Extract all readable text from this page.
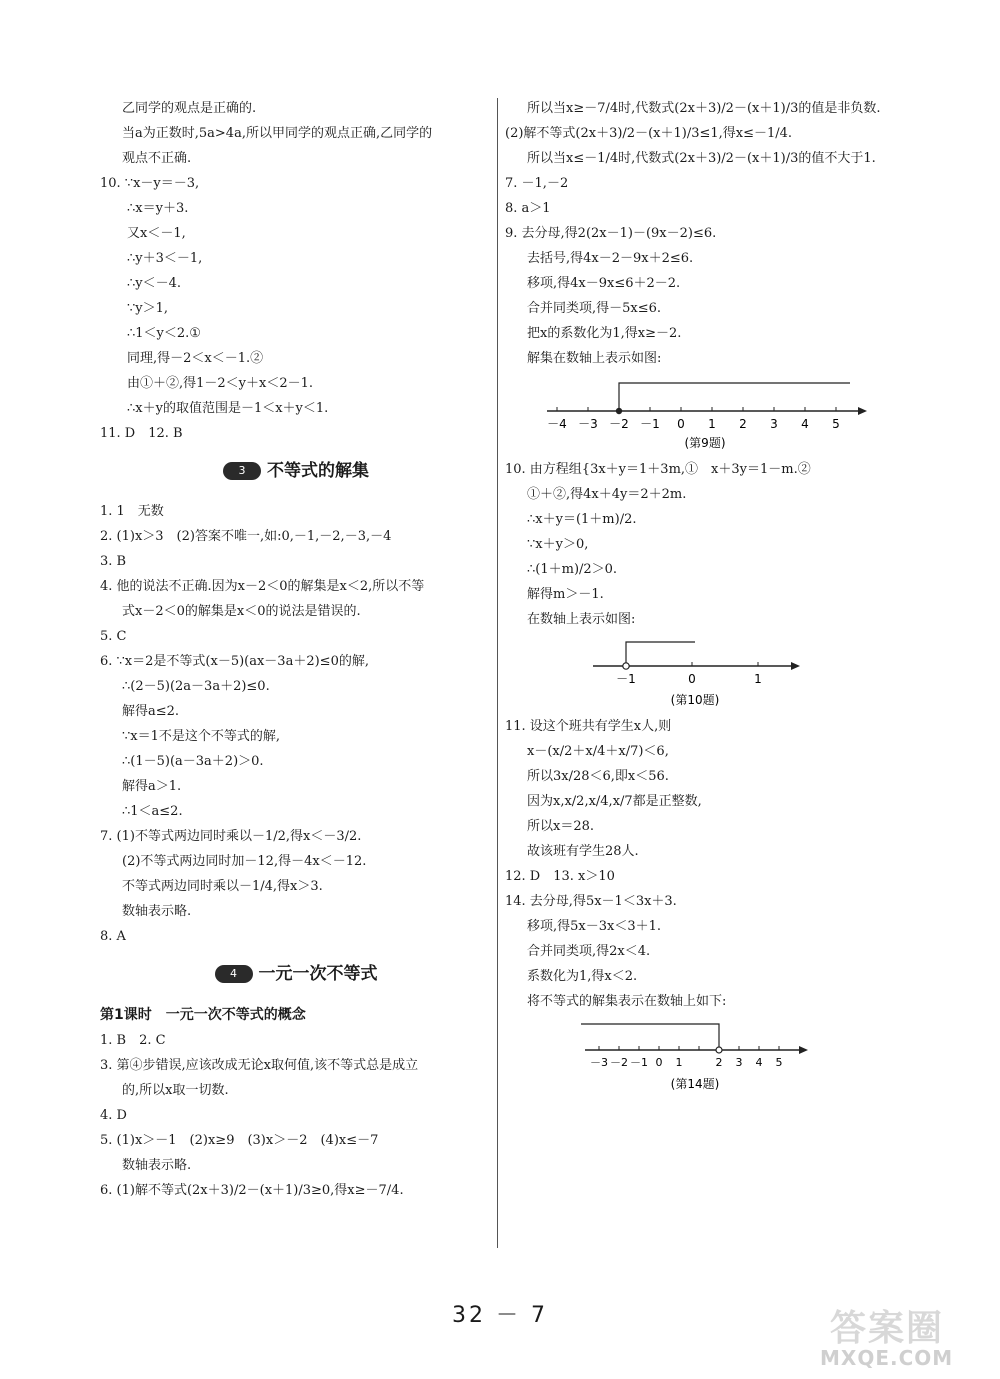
乙同学的观点是正确的.
当a为正数时,5a>4a,所以甲同学的观点正确,乙同学的
观点不正确.
10. ∵x－y＝－3,
∴x＝y＋3.
又x＜－1,
∴y＋3＜－1,
∴y＜－4.
∵y＞1,
∴1＜y＜2.①
同理,得－2＜x＜－1.②
由①＋②,得1－2＜y＋x＜2－1.
∴x＋y的取值范围是－1＜x＋y＜1.
11. D　12. B
3 不等式的解集
1. 1　无数
2. (1)x＞3　(2)答案不唯一,如:0,－1,－2,－3,－4
3. B
4. 他的说法不正确.因为x－2＜0的解集是x＜2,所以不等
式x－2＜0的解集是x＜0的说法是错误的.
5. C
6. ∵x＝2是不等式(x－5)(ax－3a＋2)≤0的解,
∴(2－5)(2a－3a＋2)≤0.
解得a≤2.
∵x＝1不是这个不等式的解,
∴(1－5)(a－3a＋2)＞0.
解得a＞1.
∴1＜a≤2.
7. (1)不等式两边同时乘以－1/2,得x＜－3/2.
(2)不等式两边同时加－12,得－4x＜－12.
不等式两边同时乘以－1/4,得x＞3.
数轴表示略.
8. A
4 一元一次不等式
第1课时　一元一次不等式的概念
1. B　2. C
3. 第④步错误,应该改成无论x取何值,该不等式总是成立
的,所以x取一切数.
4. D
5. (1)x＞－1　(2)x≥9　(3)x＞－2　(4)x≤－7
数轴表示略.
6. (1)解不等式(2x＋3)/2－(x＋1)/3≥0,得x≥－7/4.
所以当x≥－7/4时,代数式(2x＋3)/2－(x＋1)/3的值是非负数.
(2)解不等式(2x＋3)/2－(x＋1)/3≤1,得x≤－1/4.
所以当x≤－1/4时,代数式(2x＋3)/2－(x＋1)/3的值不大于1.
7. －1,－2
8. a＞1
9. 去分母,得2(2x－1)－(9x－2)≤6.
去括号,得4x－2－9x＋2≤6.
移项,得4x－9x≤6＋2－2.
合并同类项,得－5x≤6.
把x的系数化为1,得x≥－2.
解集在数轴上表示如图:
－4 －3 －2 －1 0 1 2 3 4 5
(第9题)
10. 由方程组{3x＋y＝1＋3m,①　x＋3y＝1－m.②
①＋②,得4x＋4y＝2＋2m.
∴x＋y＝(1＋m)/2.
∵x＋y＞0,
∴(1＋m)/2＞0.
解得m＞－1.
在数轴上表示如图:
－1	0	1
(第10题)
11. 设这个班共有学生x人,则
x－(x/2＋x/4＋x/7)＜6,
所以3x/28＜6,即x＜56.
因为x,x/2,x/4,x/7都是正整数,
所以x＝28.
故该班有学生28人.
12. D　13. x＞10
14. 去分母,得5x－1＜3x＋3.
移项,得5x－3x＜3＋1.
合并同类项,得2x＜4.
系数化为1,得x＜2.
将不等式的解集表示在数轴上如下:
－3 －2 －1 0 1	2 3 4 5
(第14题)
32 － 7	答案圈
MXQE.COM
